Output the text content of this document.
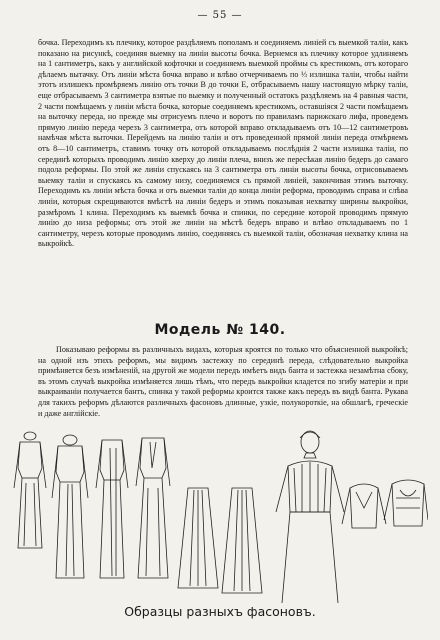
— 55 —

бочка. Переходимъ къ плечику, которое раздѣляемъ пополамъ и соединяемъ линiей съ выемкой талiи, какъ показано на рисункѣ, соединяя выемку на линiи высоты бочка. Вернемся къ плечику которое удлиняемъ на 1 сантиметръ, какъ у английской кофточки и соединяемъ выемкой проймы съ крестикомъ, отъ котораго дѣлаемъ вытачку. Отъ линiи мѣста бочка вправо и влѣво отчерчиваемъ по ⅓ излишка талiи, чтобы найти этотъ излишекъ промѣряемъ линiю отъ точки В до точки Е, отбрасываемъ нашу настоящую мѣрку талiи, еще отбрасываемъ 3 сантиметра взятые по выемку и полученный остатокъ раздѣляемъ на 4 равныя части, 2 части помѣщаемъ у линiи мѣста бочка, которые соединяемъ крестикомъ, оставшiяся 2 части помѣщаемъ на выточку переда, но прежде мы отрисуемъ плечо и воротъ по правиламъ парижскаго лифа, проведемъ прямую линiю переда черезъ 3 сантиметра, отъ которой вправо откладываемъ отъ 10—12 сантиметровъ намѣчая мѣста выточки. Перейдемъ на линiю талiи и отъ проведенной прямой линiи переда отмѣряемъ отъ 8—10 сантиметръ, ставимъ точку отъ которой откладываемъ послѣднiя 2 части излишка талiи, по серединѣ которыхъ проводимъ линiю кверху до линiи плеча, внизъ же пересѣкая линiю бедеръ до самаго подола реформы. По этой же линiи спускаясь на 3 сантиметра отъ линiи высоты бочка, отрисовываемъ выемку талiи и спускаясь къ самому низу, соединяемся съ прямой линiей, закончивая этимъ выточку. Переходимъ къ линiи мѣста бочка и отъ выемки талiи до конца линiи реформа, проводимъ справа и слѣва линiи, которыя скрещиваются вмѣстѣ на линiи бедеръ и этимъ показывая нехватку ширины выкройки, размѣромъ 1 клина. Переходимъ къ выемкѣ бочка и спинки, по середине которой проводимъ прямую линiю до низа реформы; отъ этой же линiи на мѣстѣ бедеръ вправо и влѣво откладываемъ по 1 сантиметру, черезъ которые проводимъ линiю, соединяясь съ выемкой талiи, обозначая нехватку клина на выкройкѣ.

Модель № 140.

Показываю реформы въ различныхъ видахъ, которыя кроятся по только что объясненной выкройкѣ; на одной изъ этихъ реформъ, мы видимъ застежку по серединѣ переда, слѣдовательно выкройка примѣняется безъ измѣненiй, на другой же модели передъ имѣетъ видъ банта и застежка незамѣтна сбоку, въ этомъ случаѣ выкройка измѣняется лишь тѣмъ, что передъ выкройки кладется по згибу матерiи и при выкраиванiи получается бантъ, спинка у такой реформы кроится также какъ передъ въ видѣ банта. Рукава для такихъ реформъ дѣлаются различныхъ фасоновъ длинные, узкiе, полукороткiе, на обшлагѣ, греческiе и даже англiйскiе.

Образцы разныхъ фасоновъ.
